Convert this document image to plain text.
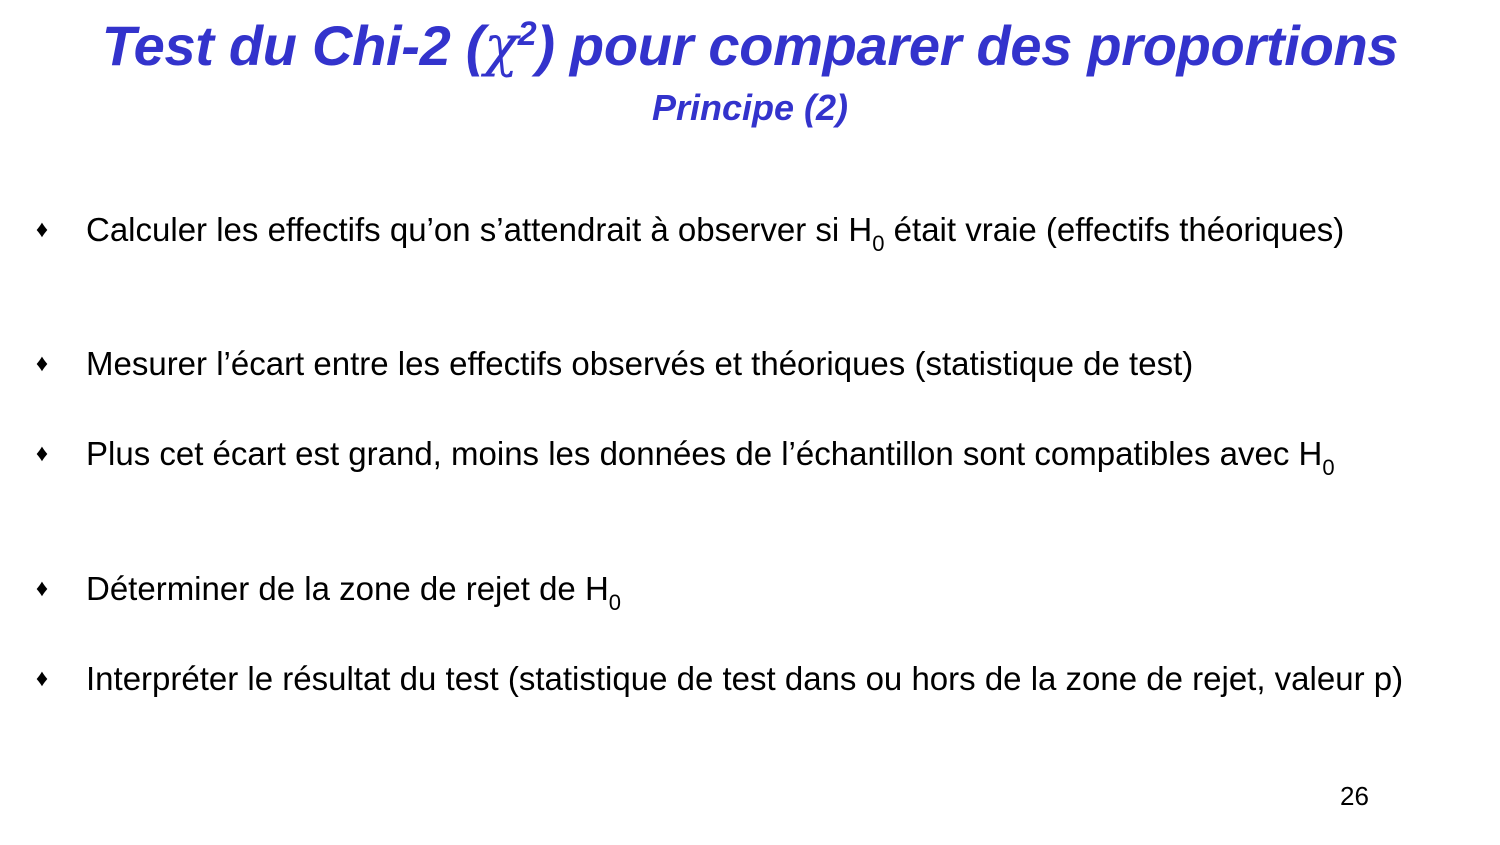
Test du Chi-2 $(\chi^2)$ pour comparer des proportions
Principe (2)
♦ Calculer les effectifs qu’on s’attendrait à observer si $H_0$ était vraie (effectifs théoriques)
♦ Mesurer l’écart entre les effectifs observés et théoriques (statistique de test)
♦ Plus cet écart est grand, moins les données de l’échantillon sont compatibles avec $H_0$
♦ Déterminer de la zone de rejet de $H_0$
♦ Interpréter le résultat du test (statistique de test dans ou hors de la zone de rejet, valeur p)
26
